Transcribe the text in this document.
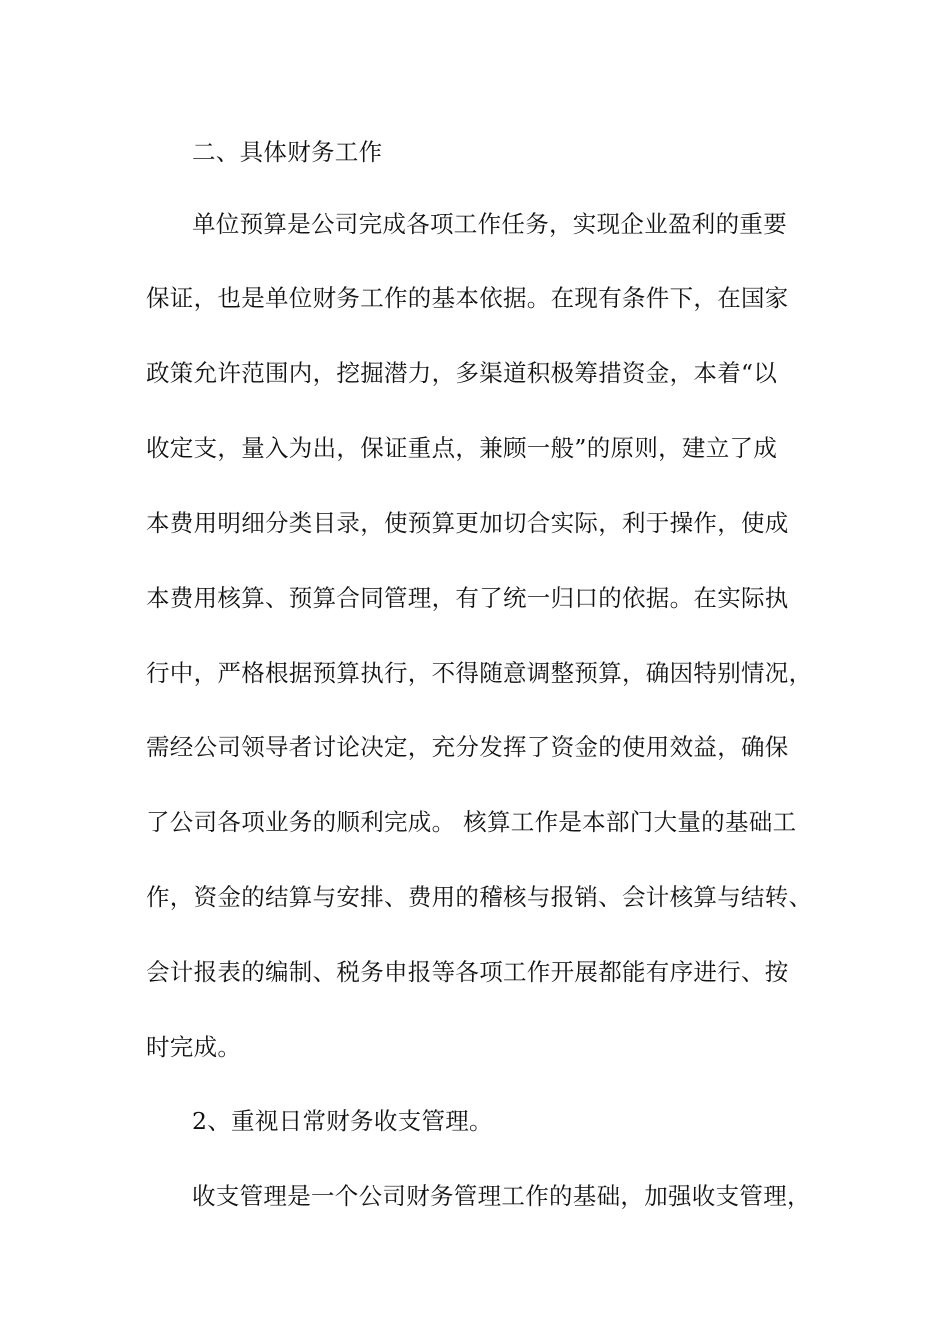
二、具体财务工作
单位预算是公司完成各项工作任务，实现企业盈利的重要
保证，也是单位财务工作的基本依据。在现有条件下，在国家
政策允许范围内，挖掘潜力，多渠道积极筹措资金，本着“以
收定支，量入为出，保证重点，兼顾一般”的原则，建立了成
本费用明细分类目录，使预算更加切合实际，利于操作，使成
本费用核算、预算合同管理，有了统一归口的依据。在实际执
行中，严格根据预算执行，不得随意调整预算，确因特别情况，
需经公司领导者讨论决定，充分发挥了资金的使用效益，确保
了公司各项业务的顺利完成。 核算工作是本部门大量的基础工
作，资金的结算与安排、费用的稽核与报销、会计核算与结转、
会计报表的编制、税务申报等各项工作开展都能有序进行、按
时完成。
2、重视日常财务收支管理。
收支管理是一个公司财务管理工作的基础，加强收支管理，
